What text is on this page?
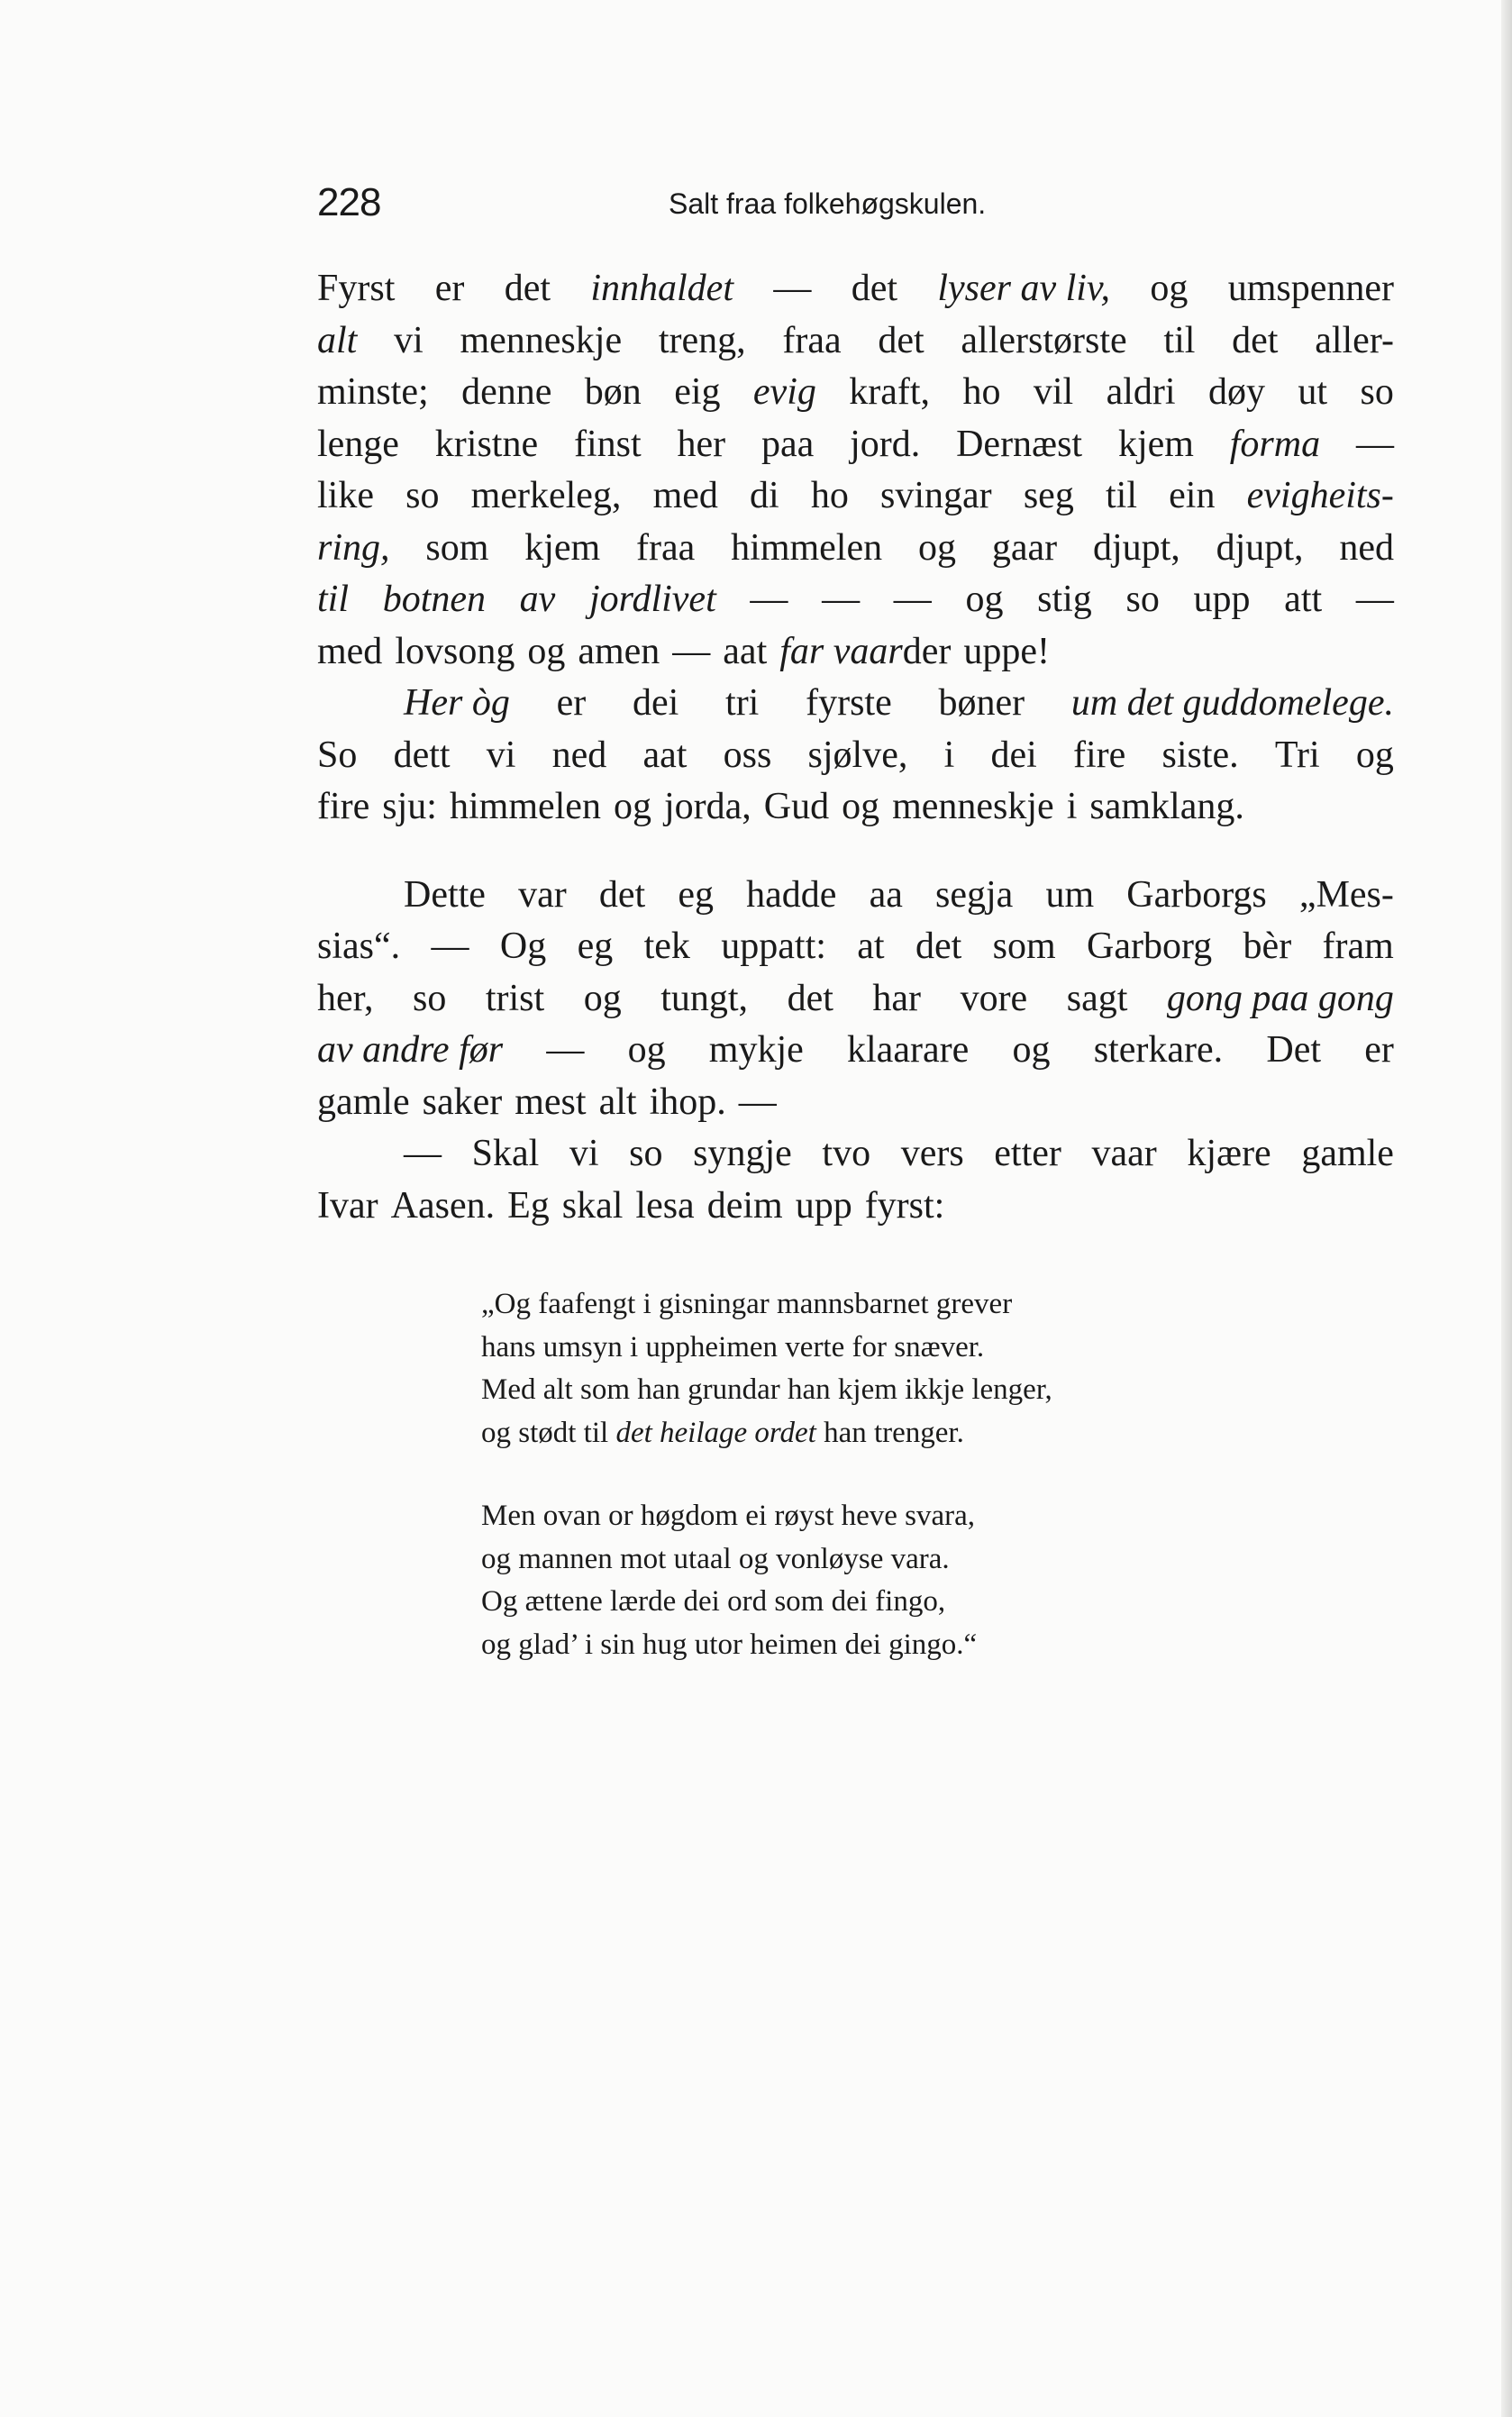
228	Salt fraa folkehøgskulen.
Fyrst er det innhaldet — det lyser av liv, og umspenner
alt vi menneskje treng, fraa det allerstørste til det aller-
minste; denne bøn eig evig kraft, ho vil aldri døy ut so
lenge kristne finst her paa jord. Dernæst kjem forma —
like so merkeleg, med di ho svingar seg til ein evigheits-
ring, som kjem fraa himmelen og gaar djupt, djupt, ned
til botnen av jordlivet — — — og stig so upp att —
med lovsong og amen — aat far vaar der uppe!
Her òg er dei tri fyrste bøner um det guddomelege.
So dett vi ned aat oss sjølve, i dei fire siste. Tri og
fire sju: himmelen og jorda, Gud og menneskje i samklang.
Dette var det eg hadde aa segja um Garborgs „Mes-
sias“. — Og eg tek uppatt: at det som Garborg bèr fram
her, so trist og tungt, det har vore sagt gong paa gong
av andre før — og mykje klaarare og sterkare. Det er
gamle saker mest alt ihop. —
— Skal vi so syngje tvo vers etter vaar kjære gamle
Ivar Aasen. Eg skal lesa deim upp fyrst:
„Og faafengt i gisningar mannsbarnet grever
hans umsyn i uppheimen verte for snæver.
Med alt som han grundar han kjem ikkje lenger,
og stødt til det heilage ordet han trenger.
Men ovan or høgdom ei røyst heve svara,
og mannen mot utaal og vonløyse vara.
Og ættene lærde dei ord som dei fingo,
og glad’ i sin hug utor heimen dei gingo.“
